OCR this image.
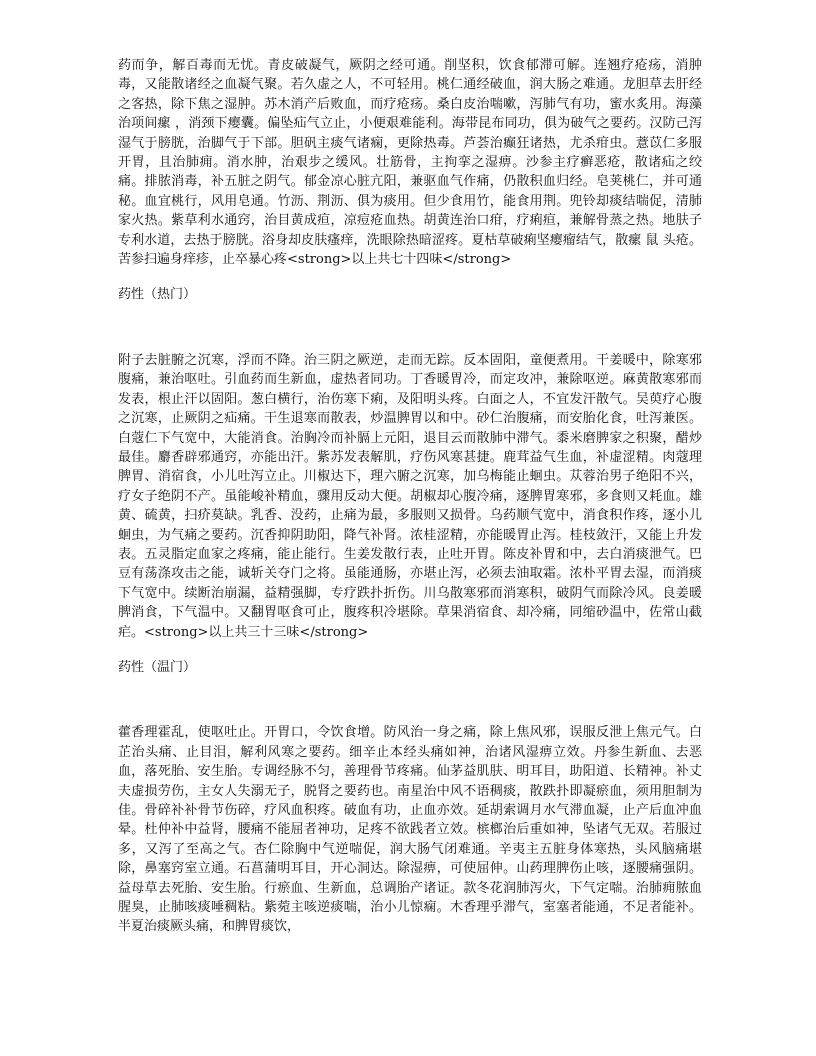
药而争，解百毒而无忧。青皮破凝气，厥阴之经可通。削坚积，饮食郁滞可解。连翘疗疮疡，消肿毒，又能散诸经之血凝气聚。若久虚之人，不可轻用。桃仁通经破血，润大肠之难通。龙胆草去肝经之客热，除下焦之湿肿。苏木消产后败血，而疗疮疡。桑白皮治喘嗽，泻肺气有功，蜜水炙用。海藻治项间瘰 ，消颈下瘿囊。偏坠疝气立止，小便艰难能利。海带昆布同功，俱为破气之要药。汉防己泻湿气于膀胱，治脚气于下部。胆矾主痰气诸痫，更除热毒。芦荟治癫狂诸热，尤杀疳虫。薏苡仁多服开胃，且治肺痈。消水肿，治艰步之缓风。壮筋骨，主拘挛之湿痹。沙参主疗癣恶疮，散诸疝之绞痛。排脓消毒，补五脏之阴气。郁金凉心脏亢阳，兼驱血气作痛，仍散积血归经。皂荚桃仁，并可通秘。血宜桃行，风用皂通。竹沥、荆沥、俱为痰用。但少食用竹，能食用荆。兜铃却痰结喘促，清肺家火热。紫草利水通窍，治目黄成疸，凉痘疮血热。胡黄连治口疳，疗痢疸，兼解骨蒸之热。地肤子专利水道，去热于膀胱。浴身却皮肤瘙痒，洗眼除热暗涩疼。夏枯草破痢坚瘿瘤结气，散瘰 鼠 头疮。苦参扫遍身痒疹，止卒暴心疼<strong>以上共七十四味</strong>

药性（热门）

附子去脏腑之沉寒，浮而不降。治三阴之厥逆，走而无踪。反本固阳，童便煮用。干姜暖中，除寒邪腹痛，兼治呕吐。引血药而生新血，虚热者同功。丁香暖胃冷，而定攻冲，兼除呕逆。麻黄散寒邪而发表，根止汗以固阳。葱白横行，治伤寒下痢，及阳明头疼。白面之人，不宜发汗散气。吴萸疗心腹之沉寒，止厥阴之疝痛。干生退寒而散表，炒温脾胃以和中。砂仁治腹痛，而安胎化食，吐泻兼医。白蔻仁下气宽中，大能消食。治胸冷而补膈上元阳，退目云而散肺中滞气。黍米磨脾家之积聚，醋炒最佳。麝香辟邪通窍，亦能出汗。紫苏发表解肌，疗伤风寒甚捷。鹿茸益气生血，补虚涩精。肉蔻理脾胃、消宿食，小儿吐泻立止。川椒达下，理六腑之沉寒，加乌梅能止蛔虫。苁蓉治男子绝阳不兴，疗女子绝阴不产。虽能峻补精血，骤用反动大便。胡椒却心腹冷痛，逐脾胃寒邪，多食则又耗血。雄黄、硫黄，扫疥莫缺。乳香、没药，止痛为最，多服则又损骨。乌药顺气宽中，消食积作疼，逐小儿蛔虫，为气痛之要药。沉香抑阴助阳，降气补肾。浓桂涩精，亦能暖胃止泻。桂枝敛汗，又能上升发表。五灵脂定血家之疼痛，能止能行。生姜发散行表，止吐开胃。陈皮补胃和中，去白消痰泄气。巴豆有荡涤攻击之能，诚斩关夺门之将。虽能通肠，亦堪止泻，必须去油取霜。浓朴平胃去湿，而消痰下气宽中。续断治崩漏，益精强脚，专疗跌扑折伤。川乌散寒邪而消寒积，破阴气而除冷风。良姜暖脾消食，下气温中。又翻胃呕食可止，腹疼积冷堪除。草果消宿食、却冷痛，同缩砂温中，佐常山截疟。<strong>以上共三十三味</strong>

药性（温门）

藿香理霍乱，使呕吐止。开胃口，令饮食增。防风治一身之痛，除上焦风邪，误服反泄上焦元气。白芷治头痛、止目泪，解利风寒之要药。细辛止本经头痛如神，治诸风湿痹立效。丹参生新血、去恶血，落死胎、安生胎。专调经脉不匀，善理骨节疼痛。仙茅益肌肤、明耳目，助阳道、长精神。补丈夫虚损劳伤，主女人失溺无子，脱肾之要药也。南星治中风不语稠痰，散跌扑即凝瘀血，须用胆制为佳。骨碎补补骨节伤碎，疗风血积疼。破血有功，止血亦效。延胡索调月水气滞血凝，止产后血冲血晕。杜仲补中益肾，腰痛不能屈者神功，足疼不欲践者立效。槟榔治后重如神，坠诸气无双。若服过多，又泻了至高之气。杏仁除胸中气逆喘促，润大肠气闭难通。辛夷主五脏身体寒热，头风脑痛堪除，鼻塞窍室立通。石菖蒲明耳目，开心洞达。除湿痹，可使屈伸。山药理脾伤止咳，逐腰痛强阴。益母草去死胎、安生胎。行瘀血、生新血，总调胎产诸证。款冬花润肺泻火，下气定喘。治肺痈脓血腥臭，止肺咳痰唾稠粘。紫菀主咳逆痰喘，治小儿惊痫。木香理乎滞气，室塞者能通，不足者能补。半夏治痰厥头痛，和脾胃痰饮，
